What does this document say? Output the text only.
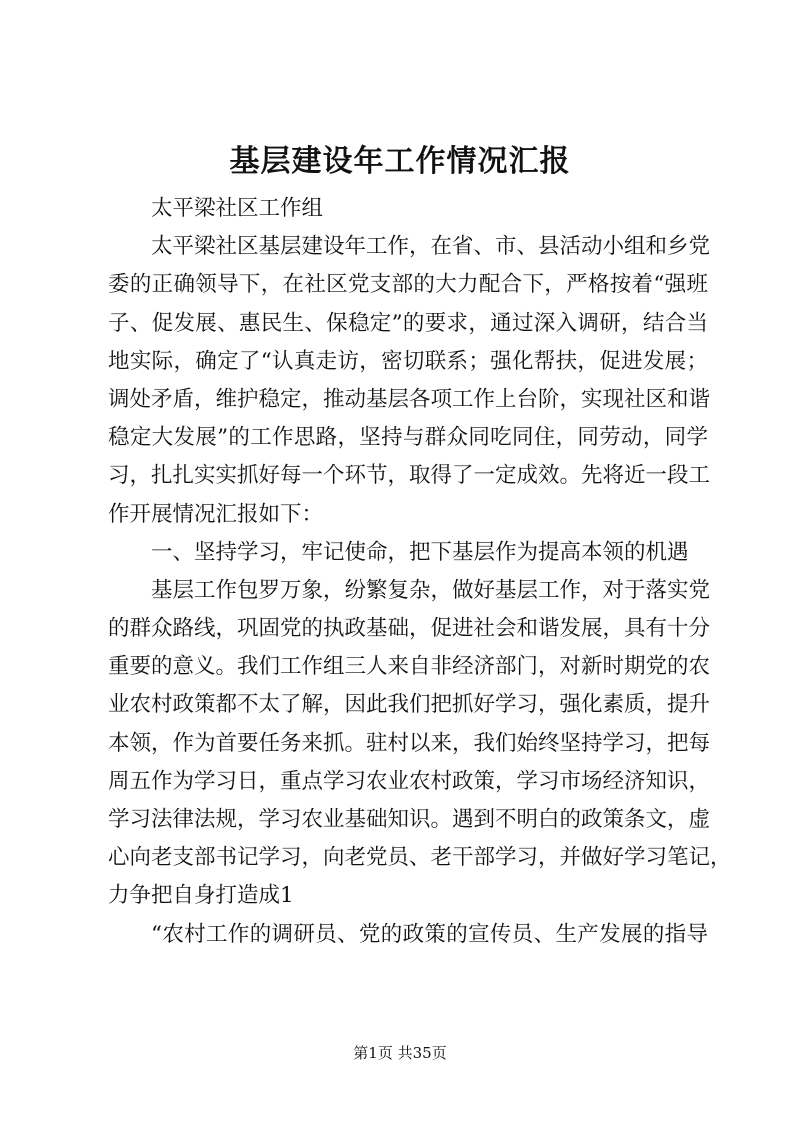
基层建设年工作情况汇报
太平梁社区工作组
太平梁社区基层建设年工作，在省、市、县活动小组和乡党
委的正确领导下，在社区党支部的大力配合下，严格按着“强班
子、促发展、惠民生、保稳定”的要求，通过深入调研，结合当
地实际，确定了“认真走访，密切联系；强化帮扶，促进发展；
调处矛盾，维护稳定，推动基层各项工作上台阶，实现社区和谐
稳定大发展”的工作思路，坚持与群众同吃同住，同劳动，同学
习，扎扎实实抓好每一个环节，取得了一定成效。先将近一段工
作开展情况汇报如下：
一、坚持学习，牢记使命，把下基层作为提高本领的机遇
基层工作包罗万象，纷繁复杂，做好基层工作，对于落实党
的群众路线，巩固党的执政基础，促进社会和谐发展，具有十分
重要的意义。我们工作组三人来自非经济部门，对新时期党的农
业农村政策都不太了解，因此我们把抓好学习，强化素质，提升
本领，作为首要任务来抓。驻村以来，我们始终坚持学习，把每
周五作为学习日，重点学习农业农村政策，学习市场经济知识，
学习法律法规，学习农业基础知识。遇到不明白的政策条文，虚
心向老支部书记学习，向老党员、老干部学习，并做好学习笔记，
力争把自身打造成1
“农村工作的调研员、党的政策的宣传员、生产发展的指导
第1页 共35页
